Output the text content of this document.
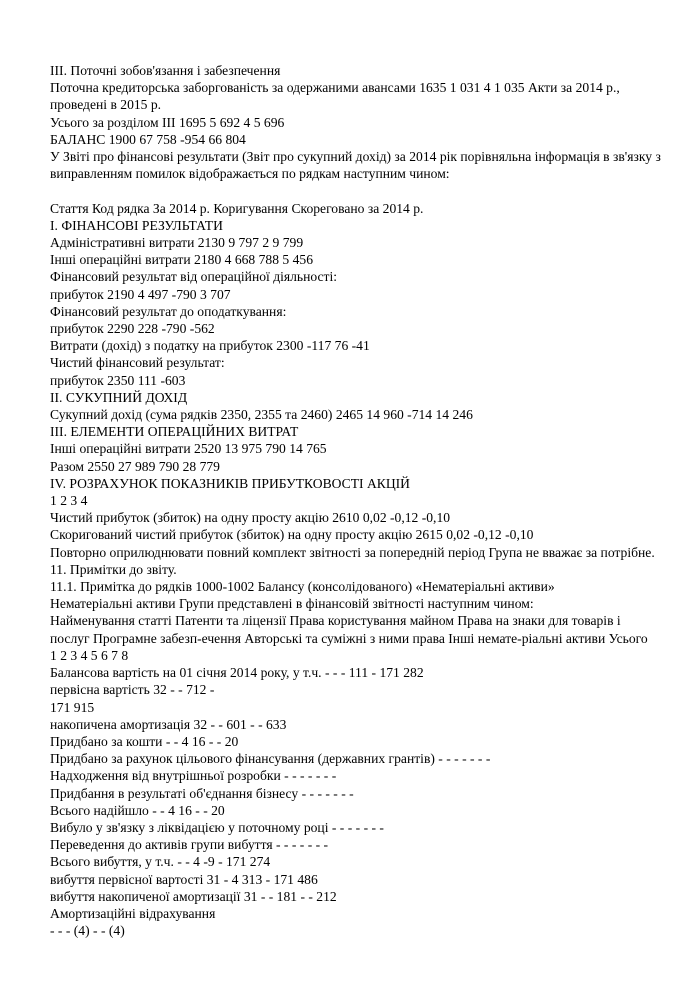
III. Поточні зобов'язання і забезпечення
Поточна кредиторська заборгованість за одержаними авансами 1635 1 031 4 1 035 Акти за 2014 р., проведені в 2015 р.
Усього за розділом III 1695 5 692 4 5 696
БАЛАНС 1900 67 758 -954 66 804
У Звіті про фінансові результати (Звіт про сукупний дохід) за 2014 рік порівняльна інформація в зв'язку з виправленням помилок відображається по рядкам наступним чином:
Стаття Код рядка За 2014 р. Коригування Скореговано за 2014 р.
I. ФІНАНСОВІ РЕЗУЛЬТАТИ
Адміністративні витрати 2130 9 797 2 9 799
Інші операційні витрати 2180 4 668 788 5 456
Фінансовий результат від операційної діяльності:
прибуток 2190 4 497 -790 3 707
Фінансовий результат до оподаткування:
прибуток 2290 228 -790 -562
Витрати (дохід) з податку на прибуток 2300 -117 76 -41
Чистий фінансовий результат:
прибуток 2350 111 -603
II. СУКУПНИЙ ДОХІД
Сукупний дохід (сума рядків 2350, 2355 та 2460) 2465 14 960 -714 14 246
III. ЕЛЕМЕНТИ ОПЕРАЦІЙНИХ ВИТРАТ
Інші операційні витрати 2520 13 975 790 14 765
Разом 2550 27 989 790 28 779
IV. РОЗРАХУНОК ПОКАЗНИКІВ ПРИБУТКОВОСТІ АКЦІЙ
1 2 3 4
Чистий прибуток (збиток) на одну просту акцію 2610 0,02 -0,12 -0,10
Скоригований чистий прибуток (збиток) на одну просту акцію 2615 0,02 -0,12 -0,10
Повторно оприлюднювати повний комплект звітності за попередній період Група не вважає за потрібне.
11. Примітки до звіту.
11.1. Примітка до рядків 1000-1002 Балансу (консолідованого) «Нематеріальні активи»
Нематеріальні активи Групи представлені в фінансовій звітності наступним чином:
Найменування статті Патенти та ліцензії Права користування майном Права на знаки для товарів і послуг Програмне забезп-ечення Авторські та суміжні з ними права Інші немате-ріальні активи Усього
1 2 3 4 5 6 7 8
Балансова вартість на 01 січня 2014 року, у т.ч. - - - 111 - 171 282
первісна вартість 32 - - 712 -
171 915
накопичена амортизація 32 - - 601 - - 633
Придбано за кошти - - 4 16 - - 20
Придбано за рахунок цільового фінансування (державних грантів) - - - - - - -
Надходження від внутрішньої розробки - - - - - - -
Придбання в результаті об'єднання бізнесу - - - - - - -
Всього надійшло - - 4 16 - - 20
Вибуло у зв'язку з ліквідацією у поточному році - - - - - - -
Переведення до активів групи вибуття - - - - - - -
Всього вибуття, у т.ч. - - 4 -9 - 171 274
вибуття первісної вартості 31 - 4 313 - 171 486
вибуття накопиченої амортизації 31 - - 181 - - 212
Амортизаційні відрахування
- - - (4) - - (4)
